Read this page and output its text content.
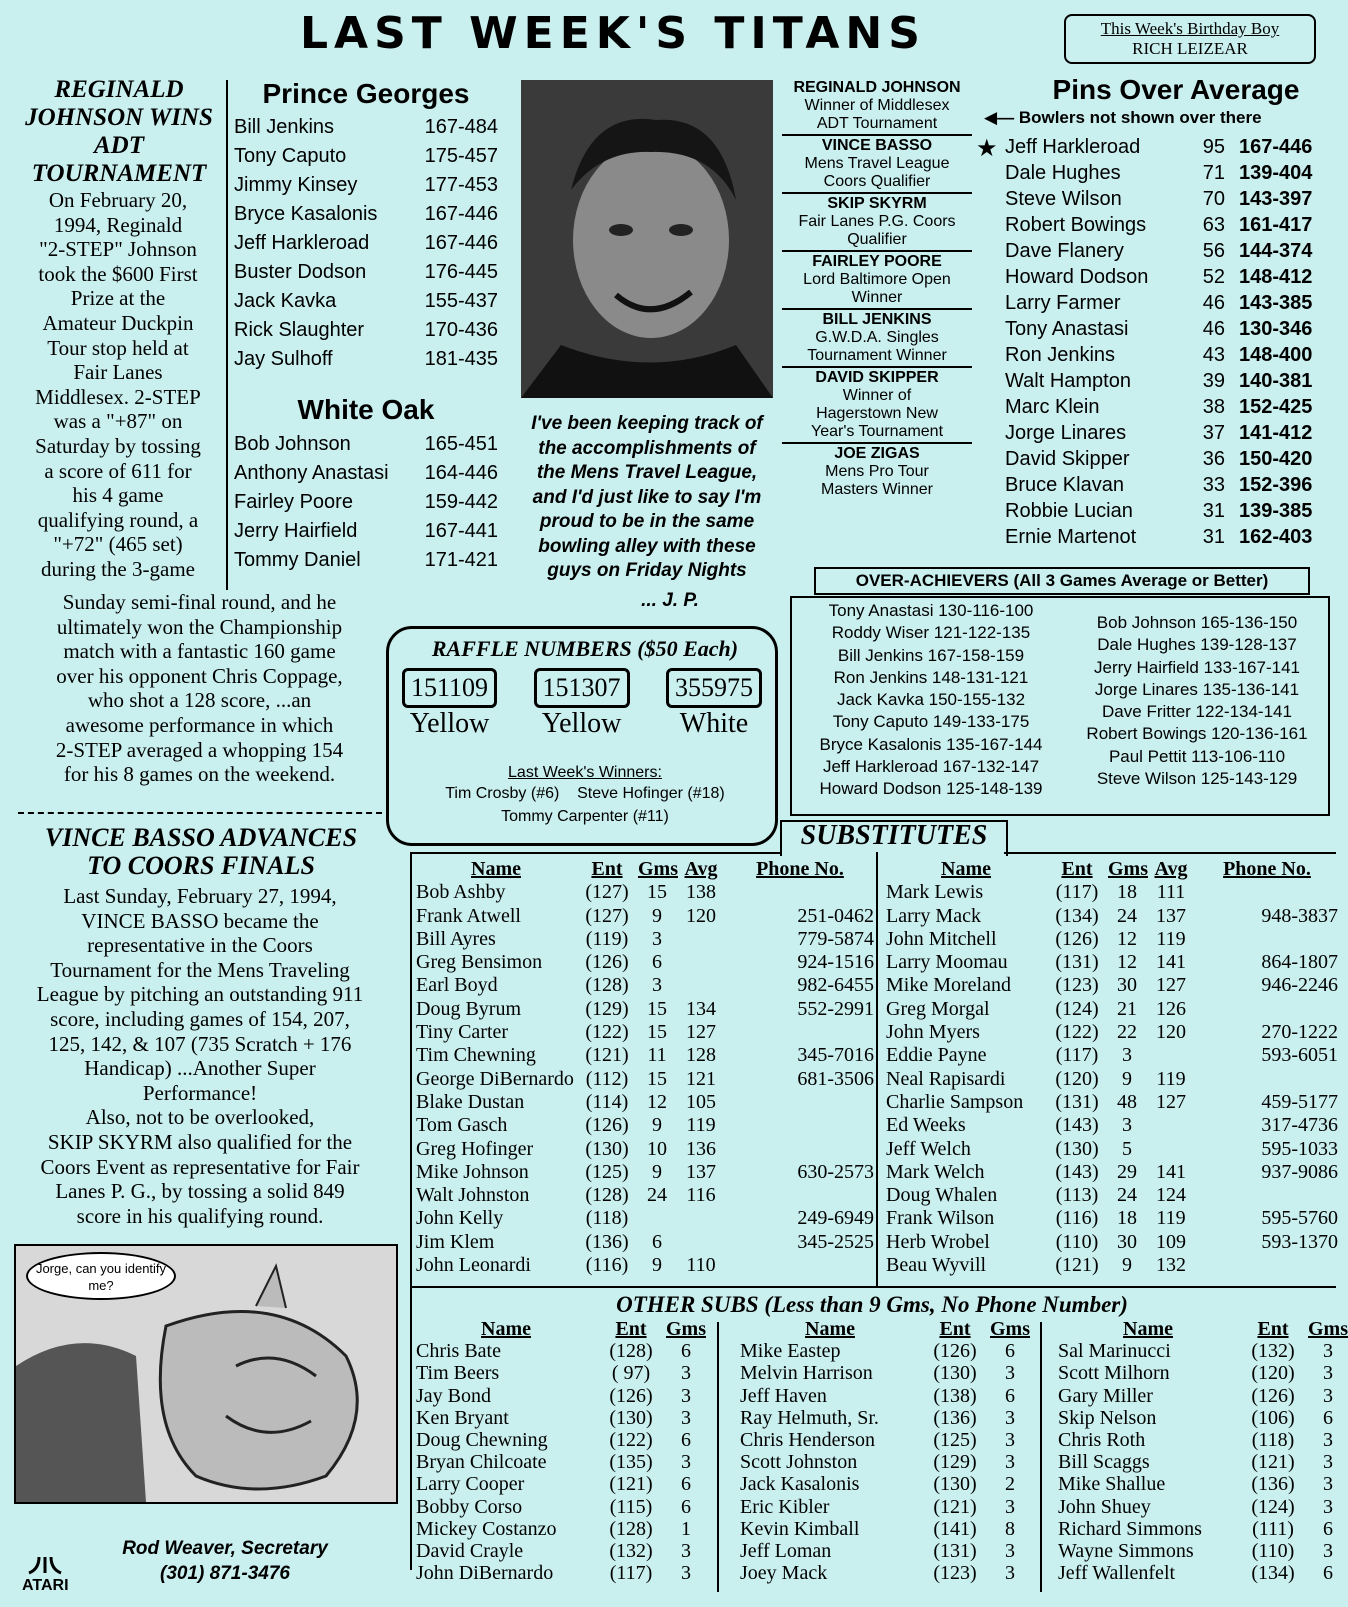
LAST WEEK'S TITANS	This Week's Birthday Boy
RICH LEIZEAR
REGINALD JOHNSON WINS ADT TOURNAMENT
On February 20,
1994, Reginald
"2-STEP" Johnson
took the $600 First
Prize at the
Amateur Duckpin
Tour stop held at
Fair Lanes
Middlesex. 2-STEP
was a "+87" on
Saturday by tossing
a score of 611 for
his 4 game
qualifying round, a
"+72" (465 set)
during the 3-game
Sunday semi-final round, and he
ultimately won the Championship
match with a fantastic 160 game
over his opponent Chris Coppage,
who shot a 128 score, ...an
awesome performance in which
2-STEP averaged a whopping 154
for his 8 games on the weekend.
Prince Georges
Bill Jenkins	167-484
Tony Caputo	175-457
Jimmy Kinsey	177-453
Bryce Kasalonis 167-446
Jeff Harkleroad	167-446
Buster Dodson	176-445
Jack Kavka	155-437
Rick Slaughter	170-436
Jay Sulhoff	181-435
White Oak
Bob Johnson	165-451
Anthony Anastasi 164-446
Fairley Poore	159-442
Jerry Hairfield	167-441
Tommy Daniel	171-421
I've been keeping track of
the accomplishments of
the Mens Travel League,
and I'd just like to say I'm
proud to be in the same
bowling alley with these
guys on Friday Nights
... J. P.
REGINALD JOHNSON
Winner of Middlesex
ADT Tournament
VINCE BASSO
Mens Travel League
Coors Qualifier
SKIP SKYRM
Fair Lanes P.G. Coors
Qualifier
FAIRLEY POORE
Lord Baltimore Open
Winner
BILL JENKINS
G.W.D.A. Singles
Tournament Winner
DAVID SKIPPER
Winner of
Hagerstown New
Year's Tournament
JOE ZIGAS
Mens Pro Tour
Masters Winner
Pins Over Average
◀— Bowlers not shown over there
★ Jeff Harkleroad	95 167-446
Dale Hughes	71 139-404
Steve Wilson	70 143-397
Robert Bowings	63 161-417
Dave Flanery	56 144-374
Howard Dodson	52 148-412
Larry Farmer	46 143-385
Tony Anastasi	46 130-346
Ron Jenkins	43 148-400
Walt Hampton	39 140-381
Marc Klein	38 152-425
Jorge Linares	37 141-412
David Skipper	36 150-420
Bruce Klavan	33 152-396
Robbie Lucian	31 139-385
Ernie Martenot	31 162-403
OVER-ACHIEVERS (All 3 Games Average or Better)
Tony Anastasi 130-116-100
Roddy Wiser 121-122-135
Bill Jenkins 167-158-159
Ron Jenkins 148-131-121
Jack Kavka 150-155-132
Tony Caputo 149-133-175
Bryce Kasalonis 135-167-144
Jeff Harkleroad 167-132-147
Howard Dodson 125-148-139
Bob Johnson 165-136-150
Dale Hughes 139-128-137
Jerry Hairfield 133-167-141
Jorge Linares 135-136-141
Dave Fritter 122-134-141
Robert Bowings 120-136-161
Paul Pettit 113-106-110
Steve Wilson 125-143-129
RAFFLE NUMBERS ($50 Each)
151109
Yellow
151307
Yellow
355975
White
Last Week's Winners:
Tim Crosby (#6) Steve Hofinger (#18)
Tommy Carpenter (#11)
VINCE BASSO ADVANCES
TO COORS FINALS
Last Sunday, February 27, 1994,
VINCE BASSO became the
representative in the Coors
Tournament for the Mens Traveling
League by pitching an outstanding 911
score, including games of 154, 207,
125, 142, & 107 (735 Scratch + 176
Handicap) ...Another Super
Performance!
Also, not to be overlooked,
SKIP SKYRM also qualified for the
Coors Event as representative for Fair
Lanes P. G., by tossing a solid 849
score in his qualifying round.
Jorge, can you identify me?
Rod Weaver, Secretary
(301) 871-3476
ATARI
SUBSTITUTES
Name	Ent Gms Avg	Phone No.
Bob Ashby	(127) 15 138
Frank Atwell	(127)	9	120	251-0462
Bill Ayres	(119)	3	779-5874
Greg Bensimon	(126)	6	924-1516
Earl Boyd	(128)	3	982-6455
Doug Byrum	(129) 15 134	552-2991
Tiny Carter	(122) 15 127
Tim Chewning	(121) 11 128	345-7016
George DiBernardo (112) 15 121	681-3506
Blake Dustan	(114) 12 105
Tom Gasch	(126)	9	119
Greg Hofinger	(130) 10 136
Mike Johnson	(125)	9	137	630-2573
Walt Johnston	(128) 24 116
John Kelly	(118)	249-6949
Jim Klem	(136)	6	345-2525
John Leonardi	(116)	9	110
Name	Ent Gms Avg	Phone No.
Mark Lewis	(117) 18 111
Larry Mack	(134) 24 137	948-3837
John Mitchell	(126) 12 119
Larry Moomau	(131) 12 141	864-1807
Mike Moreland	(123) 30 127	946-2246
Greg Morgal	(124) 21 126
John Myers	(122) 22 120	270-1222
Eddie Payne	(117)	3	593-6051
Neal Rapisardi	(120)	9	119
Charlie Sampson	(131) 48 127	459-5177
Ed Weeks	(143)	3	317-4736
Jeff Welch	(130)	5	595-1033
Mark Welch	(143) 29 141	937-9086
Doug Whalen	(113) 24 124
Frank Wilson	(116) 18 119	595-5760
Herb Wrobel	(110) 30 109	593-1370
Beau Wyvill	(121)	9	132
OTHER SUBS (Less than 9 Gms, No Phone Number)
Name	Ent Gms
Chris Bate	(128)	6
Tim Beers	( 97)	3
Jay Bond	(126)	3
Ken Bryant	(130)	3
Doug Chewning	(122)	6
Bryan Chilcoate	(135)	3
Larry Cooper	(121)	6
Bobby Corso	(115)	6
Mickey Costanzo	(128)	1
David Crayle	(132)	3
John DiBernardo	(117)	3
Name	Ent Gms
Mike Eastep	(126)	6
Melvin Harrison	(130)	3
Jeff Haven	(138)	6
Ray Helmuth, Sr.	(136)	3
Chris Henderson	(125)	3
Scott Johnston	(129)	3
Jack Kasalonis	(130)	2
Eric Kibler	(121)	3
Kevin Kimball	(141)	8
Jeff Loman	(131)	3
Joey Mack	(123)	3
Name	Ent Gms
Sal Marinucci	(132)	3
Scott Milhorn	(120)	3
Gary Miller	(126)	3
Skip Nelson	(106)	6
Chris Roth	(118)	3
Bill Scaggs	(121)	3
Mike Shallue	(136)	3
John Shuey	(124)	3
Richard Simmons	(111)	6
Wayne Simmons	(110)	3
Jeff Wallenfelt	(134)	6
